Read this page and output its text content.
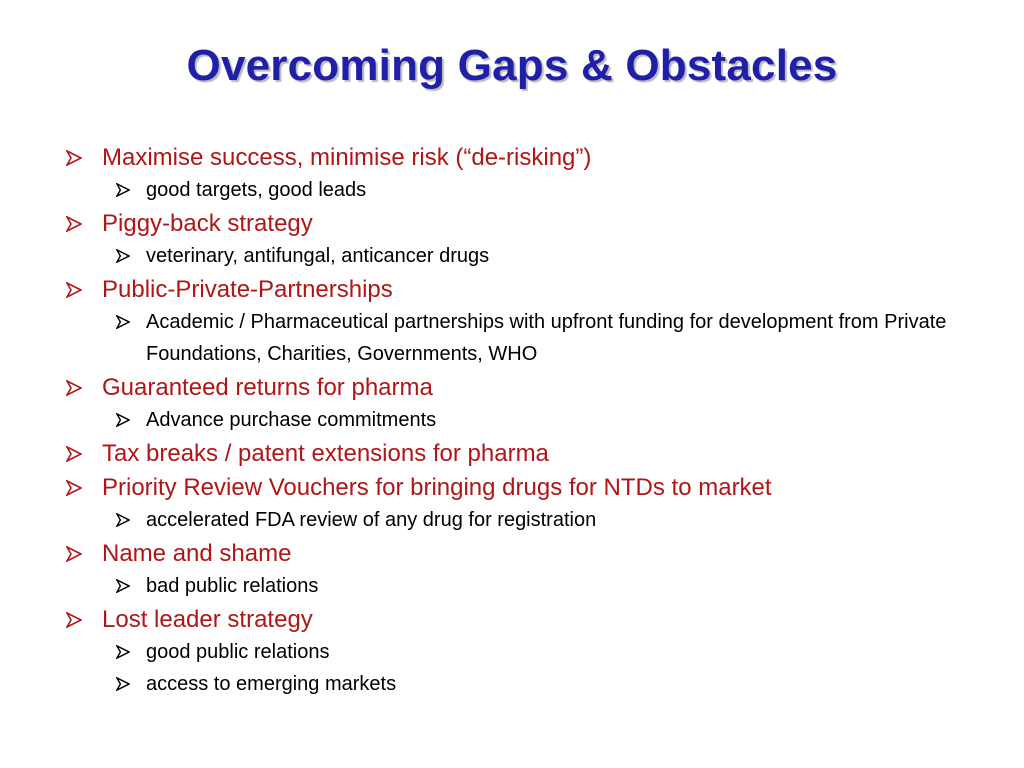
Overcoming Gaps & Obstacles
Maximise success, minimise risk (“de-risking”)
good targets, good leads
Piggy-back strategy
veterinary, antifungal, anticancer drugs
Public-Private-Partnerships
Academic / Pharmaceutical partnerships with upfront funding for development from Private Foundations, Charities, Governments, WHO
Guaranteed returns for pharma
Advance purchase commitments
Tax breaks / patent extensions for pharma
Priority Review Vouchers for bringing drugs for NTDs to market
accelerated FDA review of any drug for registration
Name and shame
bad public relations
Lost leader strategy
good public relations
access to emerging markets
